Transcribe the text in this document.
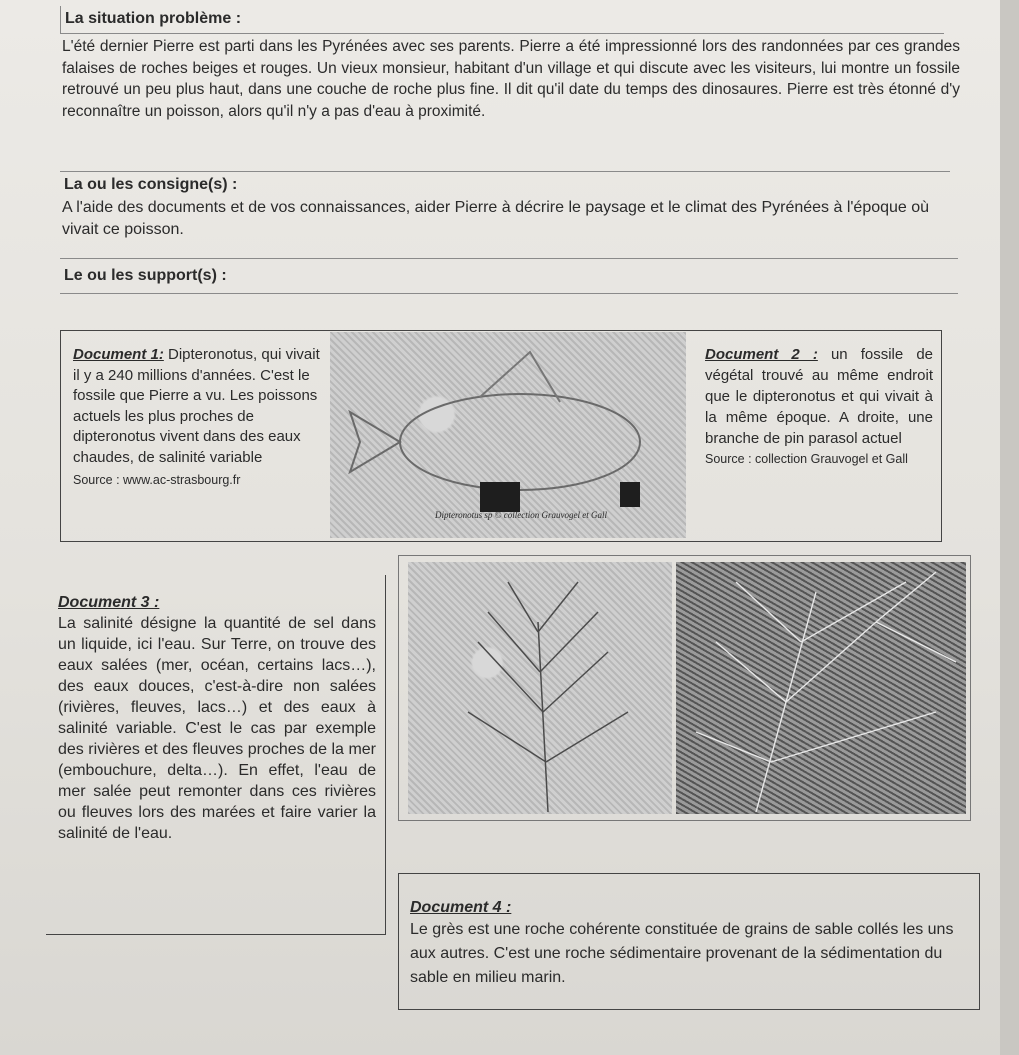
La situation problème :

L'été dernier Pierre est parti dans les Pyrénées avec ses parents. Pierre a été impressionné lors des randonnées par ces grandes falaises de roches beiges et rouges. Un vieux monsieur, habitant d'un village et qui discute avec les visiteurs, lui montre un fossile retrouvé un peu plus haut, dans une couche de roche plus fine. Il dit qu'il date du temps des dinosaures. Pierre est très étonné d'y reconnaître un poisson, alors qu'il n'y a pas d'eau à proximité.

La ou les consigne(s) :

A l'aide des documents et de vos connaissances, aider Pierre à décrire le paysage et le climat des Pyrénées à l'époque où vivait ce poisson.

Le ou les support(s) :

Document 1: Dipteronotus, qui vivait il y a 240 millions d'années. C'est le fossile que Pierre a vu. Les poissons actuels les plus proches de dipteronotus vivent dans des eaux chaudes, de salinité variable

Source : www.ac-strasbourg.fr

Dipteronotus sp © collection Grauvogel et Gall

Document 2 : un fossile de végétal trouvé au même endroit que le dipteronotus et qui vivait à la même époque. A droite, une branche de pin parasol actuel

Source : collection Grauvogel et Gall

Document 3 :

La salinité désigne la quantité de sel dans un liquide, ici l'eau. Sur Terre, on trouve des eaux salées (mer, océan, certains lacs…), des eaux douces, c'est-à-dire non salées (rivières, fleuves, lacs…) et des eaux à salinité variable. C'est le cas par exemple des rivières et des fleuves proches de la mer (embouchure, delta…). En effet, l'eau de mer salée peut remonter dans ces rivières ou fleuves lors des marées et faire varier la salinité de l'eau.

Document 4 :

Le grès est une roche cohérente constituée de grains de sable collés les uns aux autres. C'est une roche sédimentaire provenant de la sédimentation du sable en milieu marin.
